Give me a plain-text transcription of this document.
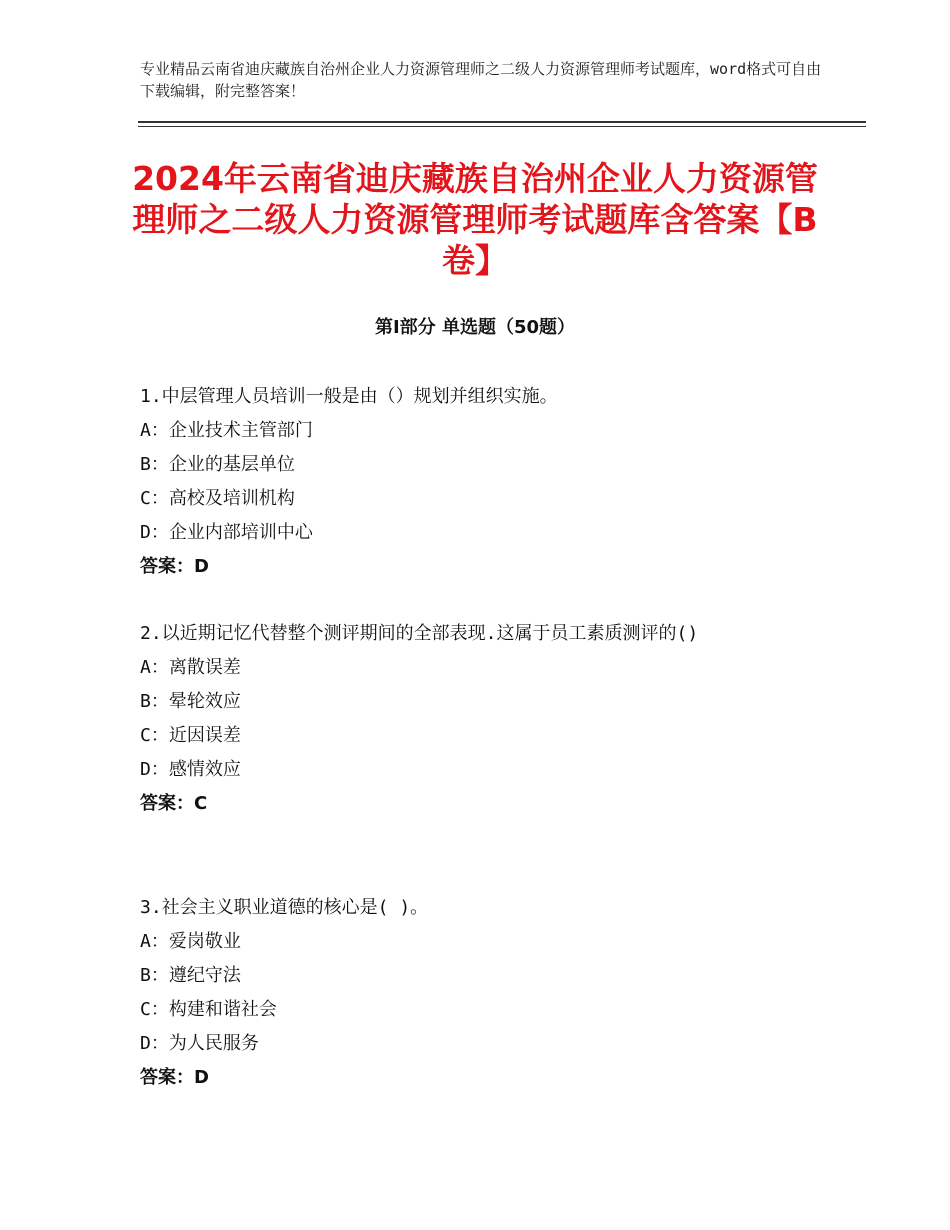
专业精品云南省迪庆藏族自治州企业人力资源管理师之二级人力资源管理师考试题库，word格式可自由下载编辑，附完整答案！
2024年云南省迪庆藏族自治州企业人力资源管理师之二级人力资源管理师考试题库含答案【B卷】
第Ⅰ部分 单选题（50题）
1.中层管理人员培训一般是由（）规划并组织实施。
A：企业技术主管部门
B：企业的基层单位
C：高校及培训机构
D：企业内部培训中心
答案：D
2.以近期记忆代替整个测评期间的全部表现.这属于员工素质测评的()
A：离散误差
B：晕轮效应
C：近因误差
D：感情效应
答案：C
3.社会主义职业道德的核心是( )。
A：爱岗敬业
B：遵纪守法
C：构建和谐社会
D：为人民服务
答案：D
